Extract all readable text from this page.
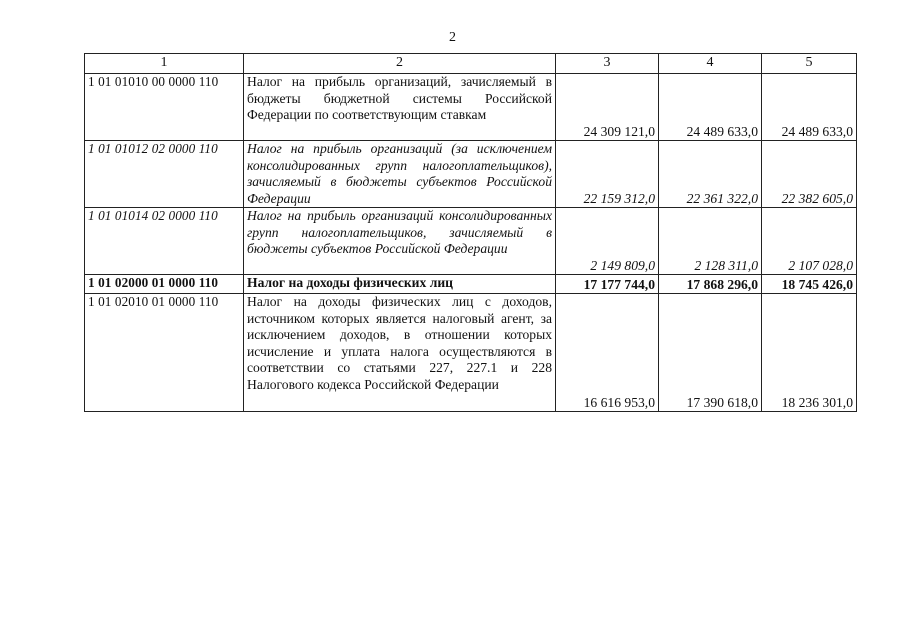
2
1	2	3	4	5
1 01 01010 00 0000 110	Налог на прибыль организаций, зачисляемый в бюджеты бюджетной системы Российской Федерации по соответствующим ставкам	24 309 121,0	24 489 633,0	24 489 633,0
1 01 01012 02 0000 110	Налог на прибыль организаций (за исключением консолидированных групп налогоплательщиков), зачисляемый в бюджеты субъектов Российской Федерации	22 159 312,0	22 361 322,0	22 382 605,0
1 01 01014 02 0000 110	Налог на прибыль организаций консолидированных групп налогоплательщиков, зачисляемый в бюджеты субъектов Российской Федерации	2 149 809,0	2 128 311,0	2 107 028,0
1 01 02000 01 0000 110	Налог на доходы физических лиц	17 177 744,0	17 868 296,0	18 745 426,0
1 01 02010 01 0000 110	Налог на доходы физических лиц с доходов, источником которых является налоговый агент, за исключением доходов, в отношении которых исчисление и уплата налога осуществляются в соответствии со статьями 227, 227.1 и 228 Налогового кодекса Российской Федерации	16 616 953,0	17 390 618,0	18 236 301,0
